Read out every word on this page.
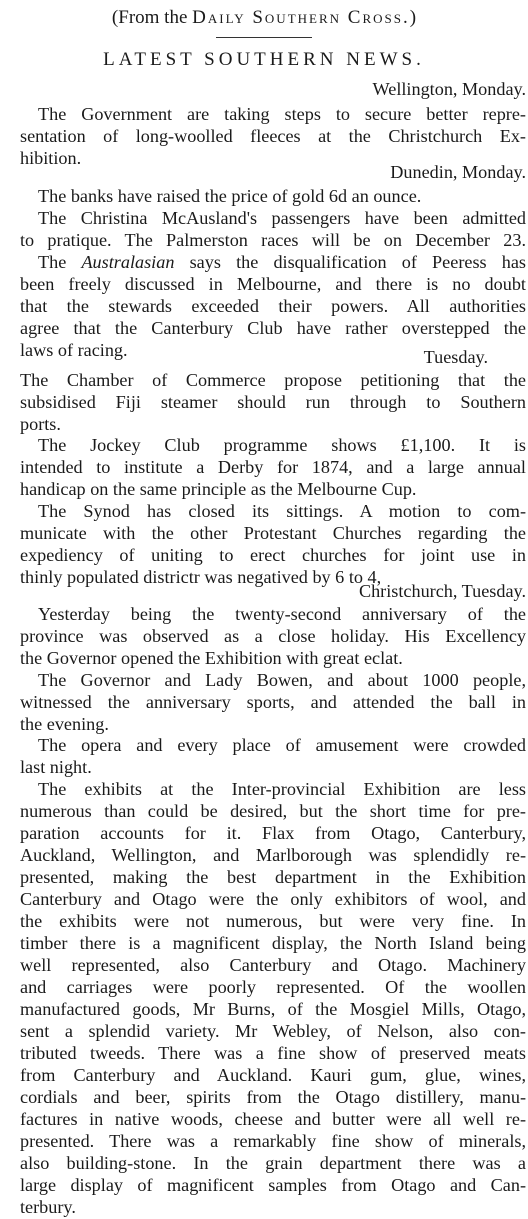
(From the Daily Southern Cross.)
LATEST SOUTHERN NEWS.
Wellington, Monday.
The Government are taking steps to secure better repre-
sentation of long-woolled fleeces at the Christchurch Ex-
hibition.
Dunedin, Monday.
The banks have raised the price of gold 6d an ounce.
The Christina McAusland's passengers have been admitted
to pratique. The Palmerston races will be on December 23.
The Australasian says the disqualification of Peeress has
been freely discussed in Melbourne, and there is no doubt
that the stewards exceeded their powers. All authorities
agree that the Canterbury Club have rather overstepped the
laws of racing.	Tuesday.
The Chamber of Commerce propose petitioning that the
subsidised Fiji steamer should run through to Southern
ports.
The Jockey Club programme shows £1,100. It is
intended to institute a Derby for 1874, and a large annual
handicap on the same principle as the Melbourne Cup.
The Synod has closed its sittings. A motion to com-
municate with the other Protestant Churches regarding the
expediency of uniting to erect churches for joint use in
thinly populated districtr was negatived by 6 to 4,
Christchurch, Tuesday.
Yesterday being the twenty-second anniversary of the
province was observed as a close holiday. His Excellency
the Governor opened the Exhibition with great eclat.
The Governor and Lady Bowen, and about 1000 people,
witnessed the anniversary sports, and attended the ball in
the evening.
The opera and every place of amusement were crowded
last night.
The exhibits at the Inter-provincial Exhibition are less
numerous than could be desired, but the short time for pre-
paration accounts for it. Flax from Otago, Canterbury,
Auckland, Wellington, and Marlborough was splendidly re-
presented, making the best department in the Exhibition
Canterbury and Otago were the only exhibitors of wool, and
the exhibits were not numerous, but were very fine. In
timber there is a magnificent display, the North Island being
well represented, also Canterbury and Otago. Machinery
and carriages were poorly represented. Of the woollen
manufactured goods, Mr Burns, of the Mosgiel Mills, Otago,
sent a splendid variety. Mr Webley, of Nelson, also con-
tributed tweeds. There was a fine show of preserved meats
from Canterbury and Auckland. Kauri gum, glue, wines,
cordials and beer, spirits from the Otago distillery, manu-
factures in native woods, cheese and butter were all well re-
presented. There was a remarkably fine show of minerals,
also building-stone. In the grain department there was a
large display of magnificent samples from Otago and Can-
terbury.
